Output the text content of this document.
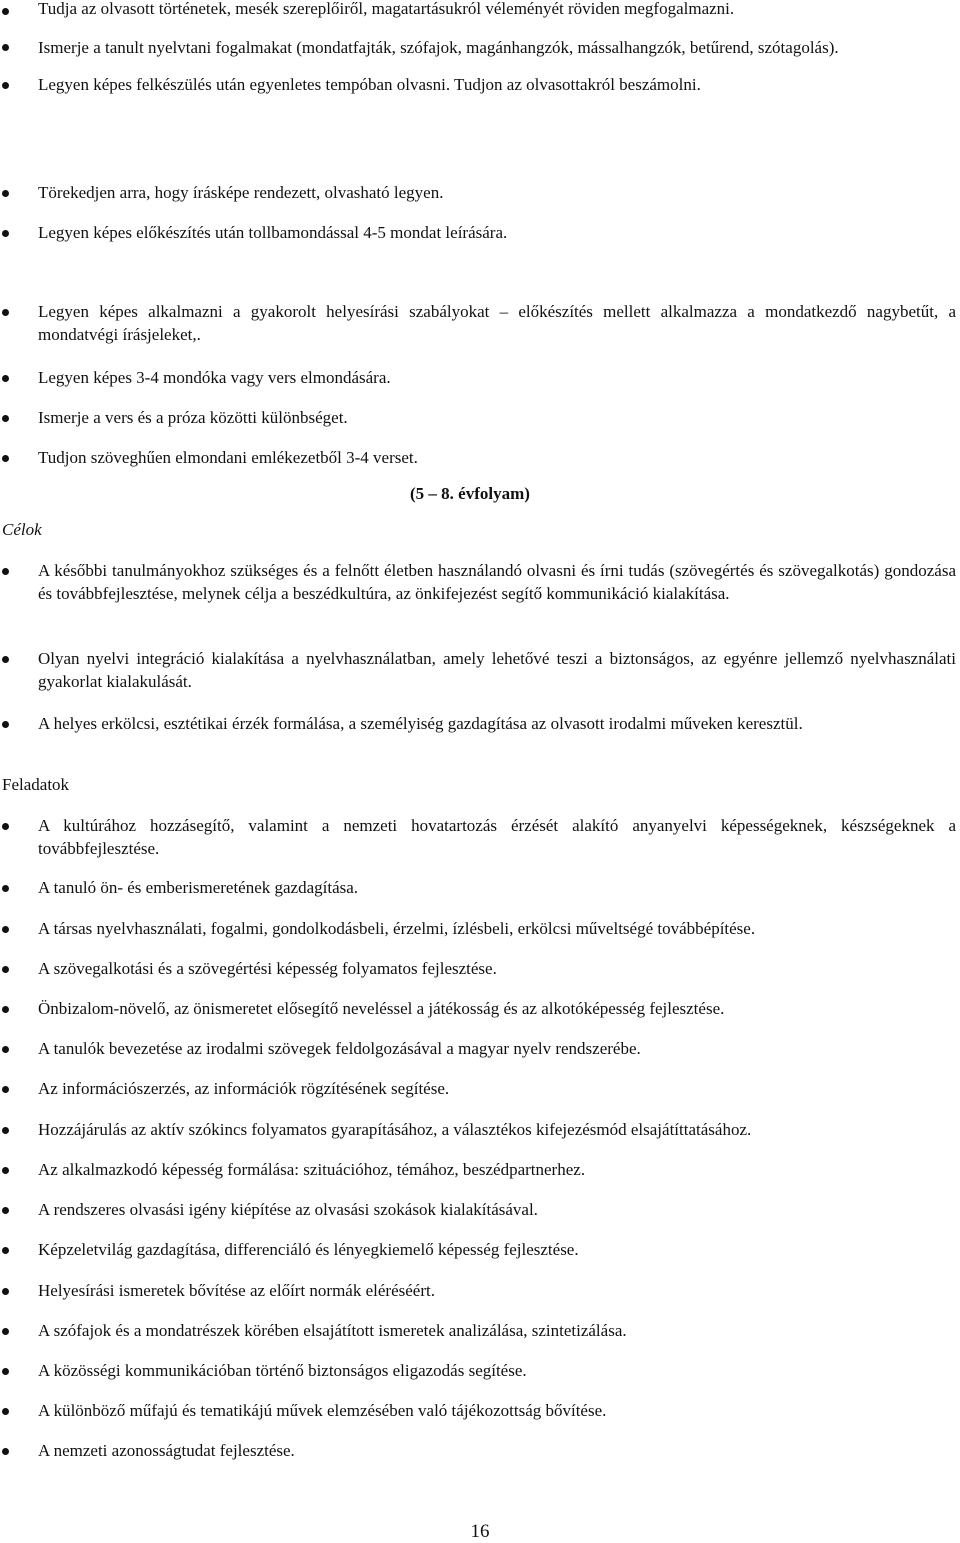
Tudja az olvasott történetek, mesék szereplőiről, magatartásukról véleményét röviden megfogalmazni.
Ismerje a tanult nyelvtani fogalmakat (mondatfajták, szófajok, magánhangzók, mássalhangzók, betűrend, szótagolás).
Legyen képes felkészülés után egyenletes tempóban olvasni. Tudjon az olvasottakról beszámolni.
Törekedjen arra, hogy írásképe rendezett, olvasható legyen.
Legyen képes előkészítés után tollbamondással 4-5 mondat leírására.
Legyen képes alkalmazni a gyakorolt helyesírási szabályokat – előkészítés mellett alkalmazza a mondatkezdő nagybetűt, a mondatvégi írásjeleket,.
Legyen képes 3-4 mondóka vagy vers elmondására.
Ismerje a vers és a próza közötti különbséget.
Tudjon szöveghűen elmondani emlékezetből 3-4 verset.
(5 – 8. évfolyam)
Célok
A későbbi tanulmányokhoz szükséges és a felnőtt életben használandó olvasni és írni tudás (szövegértés és szövegalkotás) gondozása és továbbfejlesztése, melynek célja a beszédkultúra, az önkifejezést segítő kommunikáció kialakítása.
Olyan nyelvi integráció kialakítása a nyelvhasználatban, amely lehetővé teszi a biztonságos, az egyénre jellemző nyelvhasználati gyakorlat kialakulását.
A helyes erkölcsi, esztétikai érzék formálása, a személyiség gazdagítása az olvasott irodalmi műveken keresztül.
Feladatok
A kultúrához hozzásegítő, valamint a nemzeti hovatartozás érzését alakító anyanyelvi képességeknek, készségeknek a továbbfejlesztése.
A tanuló ön- és emberismeretének gazdagítása.
A társas nyelvhasználati, fogalmi, gondolkodásbeli, érzelmi, ízlésbeli, erkölcsi műveltségé továbbépítése.
A szövegalkotási és a szövegértési képesség folyamatos fejlesztése.
Önbizalom-növelő, az önismeretet elősegítő neveléssel a játékosság és az alkotóképesség fejlesztése.
A tanulók bevezetése az irodalmi szövegek feldolgozásával a magyar nyelv rendszerébe.
Az információszerzés, az információk rögzítésének segítése.
Hozzájárulás az aktív szókincs folyamatos gyarapításához, a választékos kifejezésmód elsajátíttatásához.
Az alkalmazkodó képesség formálása: szituációhoz, témához, beszédpartnerhez.
A rendszeres olvasási igény kiépítése az olvasási szokások kialakításával.
Képzeletvilág gazdagítása, differenciáló és lényegkiemelő képesség fejlesztése.
Helyesírási ismeretek bővítése az előírt normák eléréséért.
A szófajok és a mondatrészek körében elsajátított ismeretek analizálása, szintetizálása.
A közösségi kommunikációban történő biztonságos eligazodás segítése.
A különböző műfajú és tematikájú művek elemzésében való tájékozottság bővítése.
A nemzeti azonosságtudat fejlesztése.
16
